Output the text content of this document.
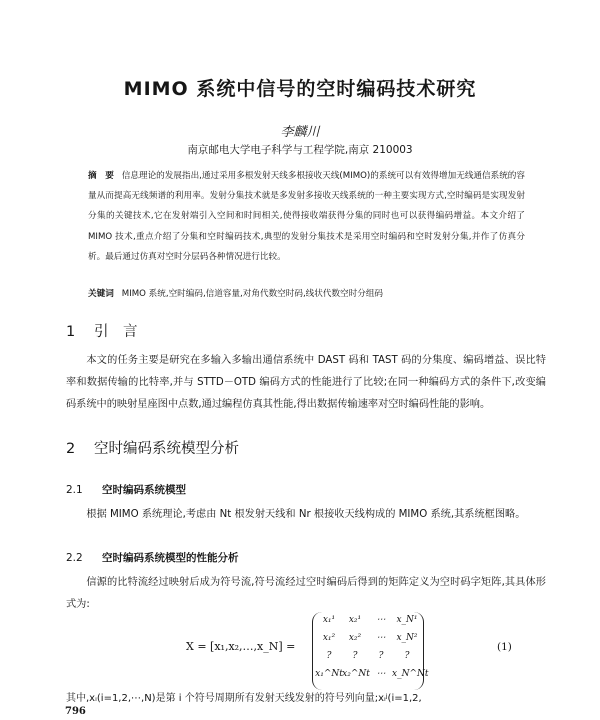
MIMO 系统中信号的空时编码技术研究
李麟川
南京邮电大学电子科学与工程学院,南京 210003
摘　要 信息理论的发展指出,通过采用多根发射天线多根接收天线(MIMO)的系统可以有效得增加无线通信系统的容量从而提高无线频谱的利用率。发射分集技术就是多发射多接收天线系统的一种主要实现方式,空时编码是实现发射分集的关键技术,它在发射端引入空间和时间相关,使得接收端获得分集的同时也可以获得编码增益。本文介绍了 MIMO 技术,重点介绍了分集和空时编码技术,典型的发射分集技术是采用空时编码和空时发射分集,并作了仿真分析。最后通过仿真对空时分层码各种情况进行比较。
关键词 MIMO 系统,空时编码,信道容量,对角代数空时码,线状代数空时分组码
1 引　言
本文的任务主要是研究在多输入多输出通信系统中 DAST 码和 TAST 码的分集度、编码增益、误比特率和数据传输的比特率,并与 STTD－OTD 编码方式的性能进行了比较;在同一种编码方式的条件下,改变编码系统中的映射星座图中点数,通过编程仿真其性能,得出数据传输速率对空时编码性能的影响。
2 空时编码系统模型分析
2.1 空时编码系统模型
根据 MIMO 系统理论,考虑由 Nt 根发射天线和 Nr 根接收天线构成的 MIMO 系统,其系统框图略。
2.2 空时编码系统模型的性能分析
信源的比特流经过映射后成为符号流,符号流经过空时编码后得到的矩阵定义为空时码字矩阵,其具体形式为:
X = [x₁,x₂,…,x_N] =
x₁¹	x₂¹	⋯	x_N¹
x₁²	x₂²	⋯	x_N²
?	?	?	?
x₁^Nt x₂^Nt ⋯ x_N^Nt
(1)
其中,xᵢ(i=1,2,⋯,N)是第 i 个符号周期所有发射天线发射的符号列向量;xᵢʲ(i=1,2,
796
